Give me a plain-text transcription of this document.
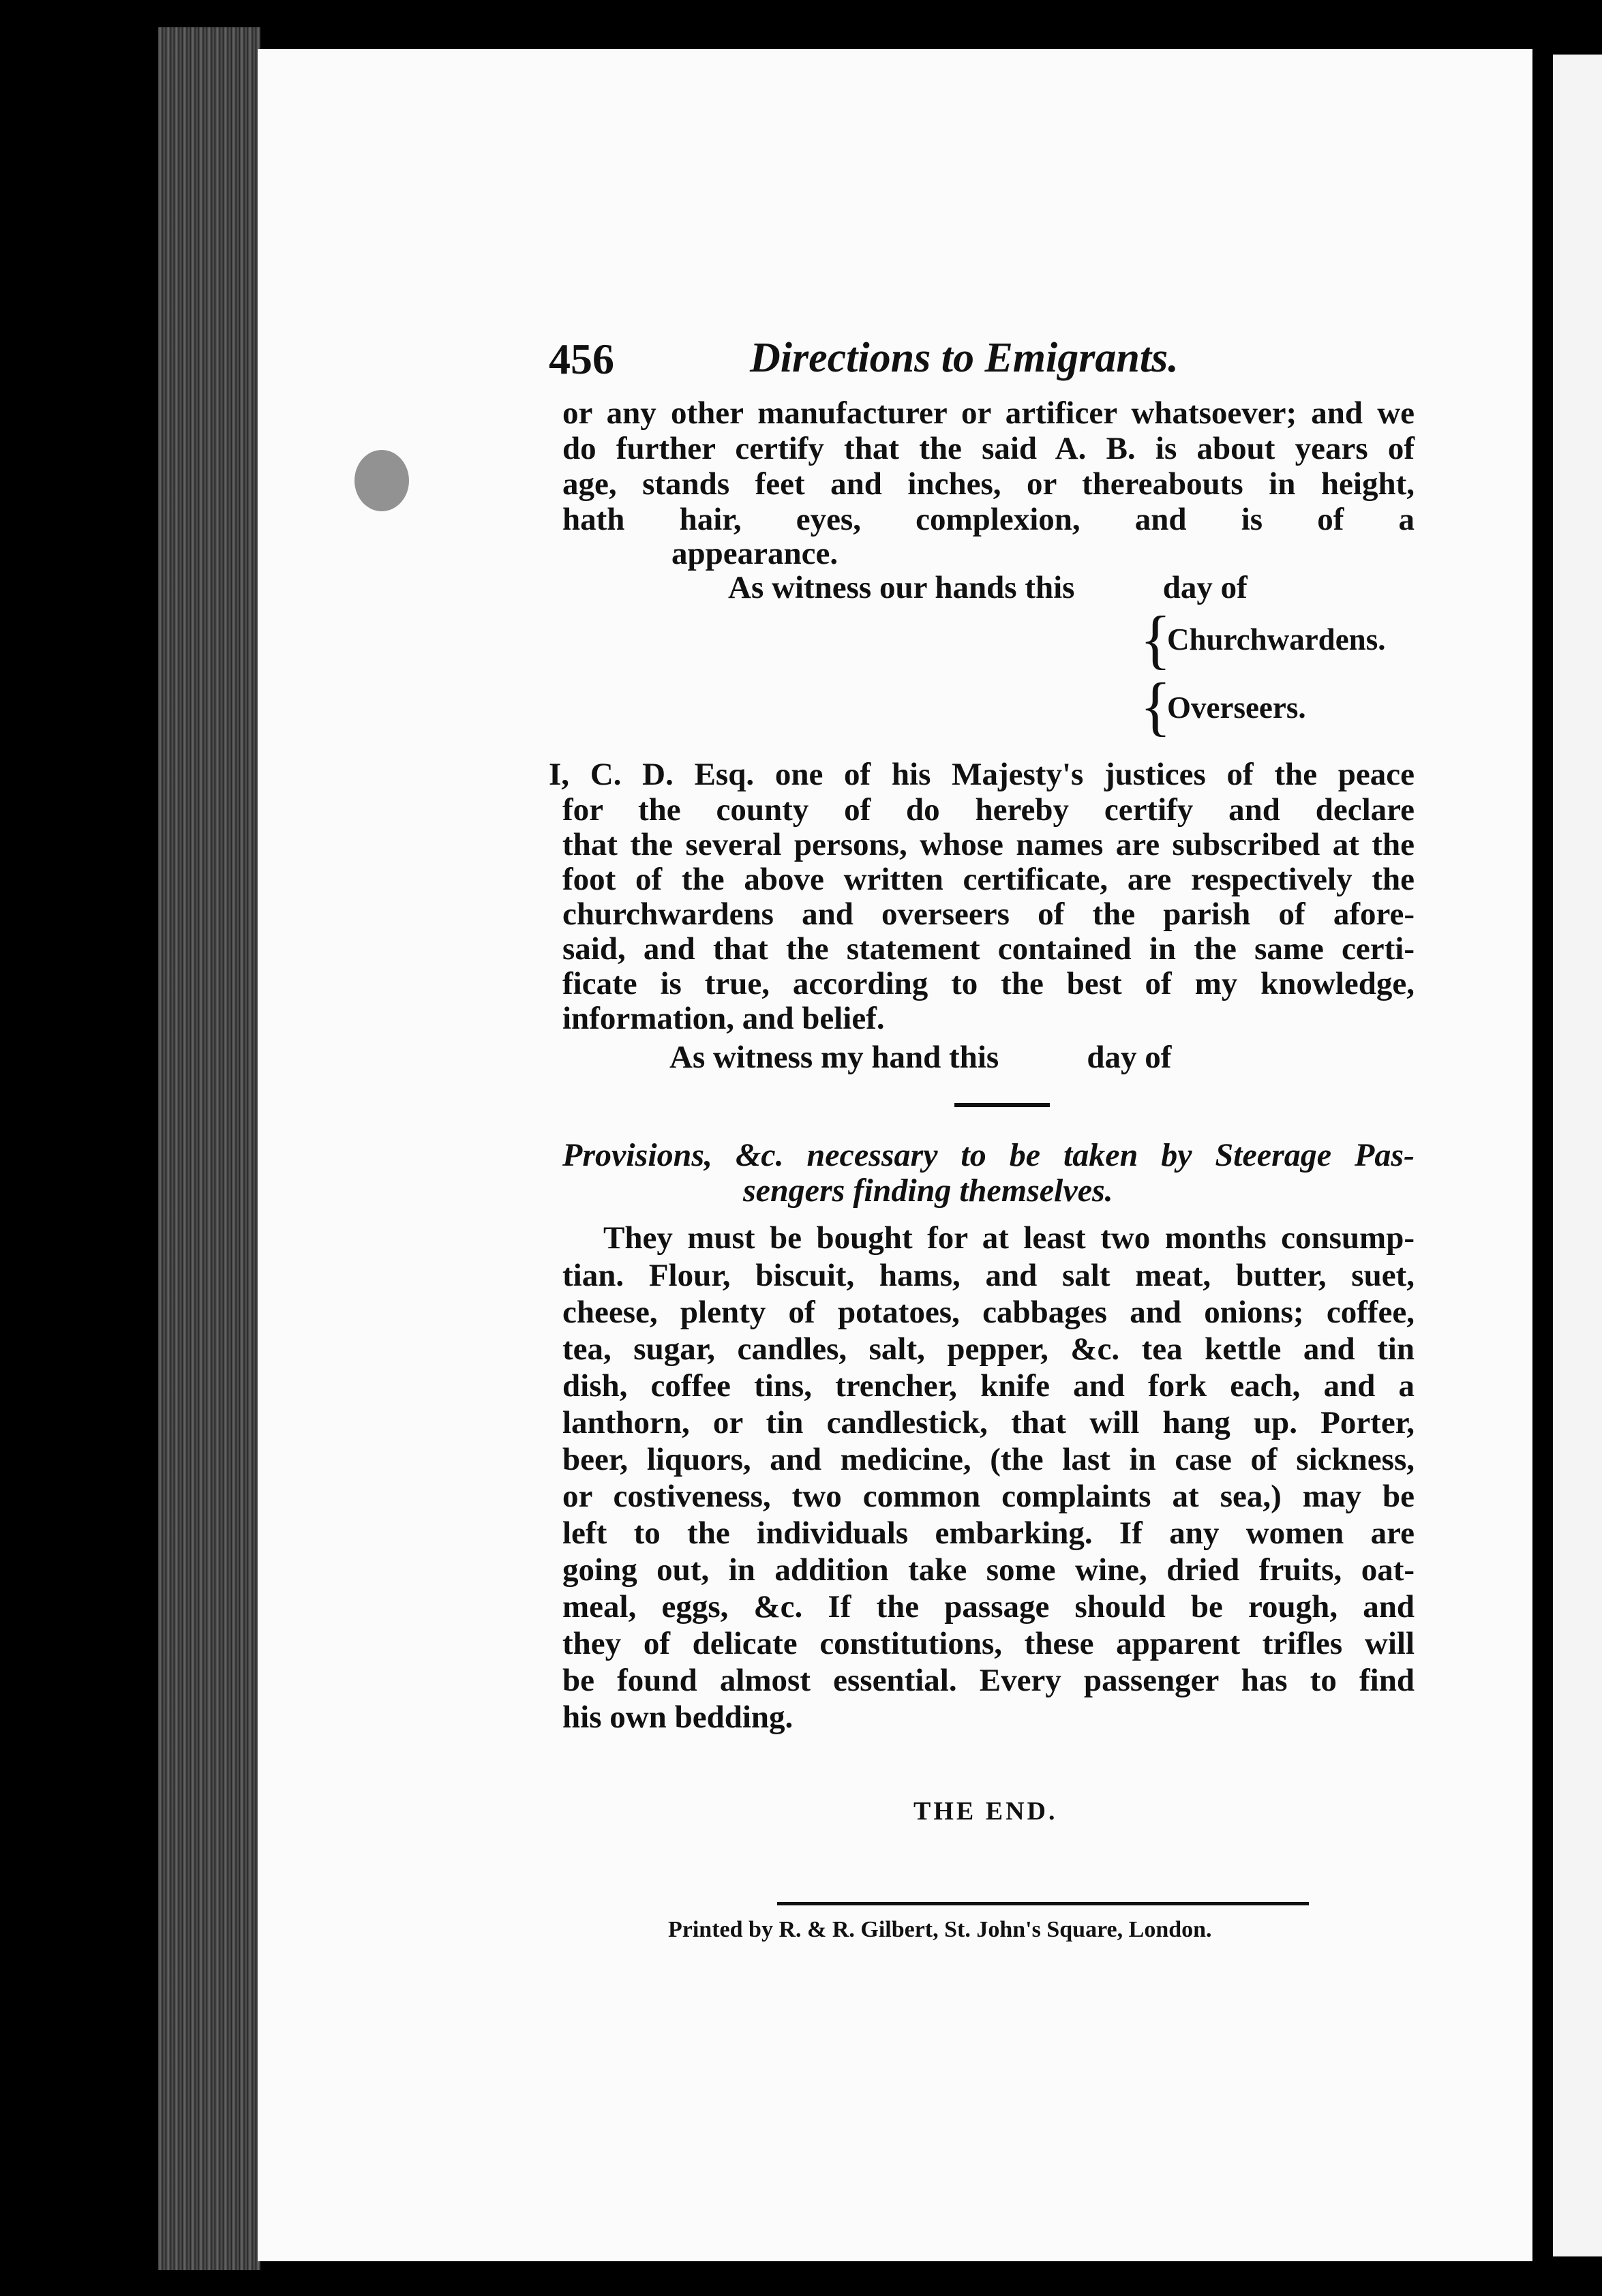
456	Directions to Emigrants.
or any other manufacturer or artificer whatsoever; and we
do further certify that the said A. B. is about years of
age, stands feet and inches, or thereabouts in height,
hath hair, eyes, complexion, and is of a
appearance.
As witness our hands this           day of
{
Churchwardens.
{
Overseers.
I, C. D. Esq. one of his Majesty's justices of the peace
for the county of do hereby certify and declare
that the several persons, whose names are subscribed at the
foot of the above written certificate, are respectively the
churchwardens and overseers of the parish of afore-
said, and that the statement contained in the same certi-
ficate is true, according to the best of my knowledge,
information, and belief.
As witness my hand this           day of
Provisions, &c. necessary to be taken by Steerage Pas-
sengers finding themselves.
They must be bought for at least two months consump-
tian. Flour, biscuit, hams, and salt meat, butter, suet,
cheese, plenty of potatoes, cabbages and onions; coffee,
tea, sugar, candles, salt, pepper, &c. tea kettle and tin
dish, coffee tins, trencher, knife and fork each, and a
lanthorn, or tin candlestick, that will hang up. Porter,
beer, liquors, and medicine, (the last in case of sickness,
or costiveness, two common complaints at sea,) may be
left to the individuals embarking. If any women are
going out, in addition take some wine, dried fruits, oat-
meal, eggs, &c. If the passage should be rough, and
they of delicate constitutions, these apparent trifles will
be found almost essential. Every passenger has to find
his own bedding.
THE END.
Printed by R. & R. Gilbert, St. John's Square, London.
